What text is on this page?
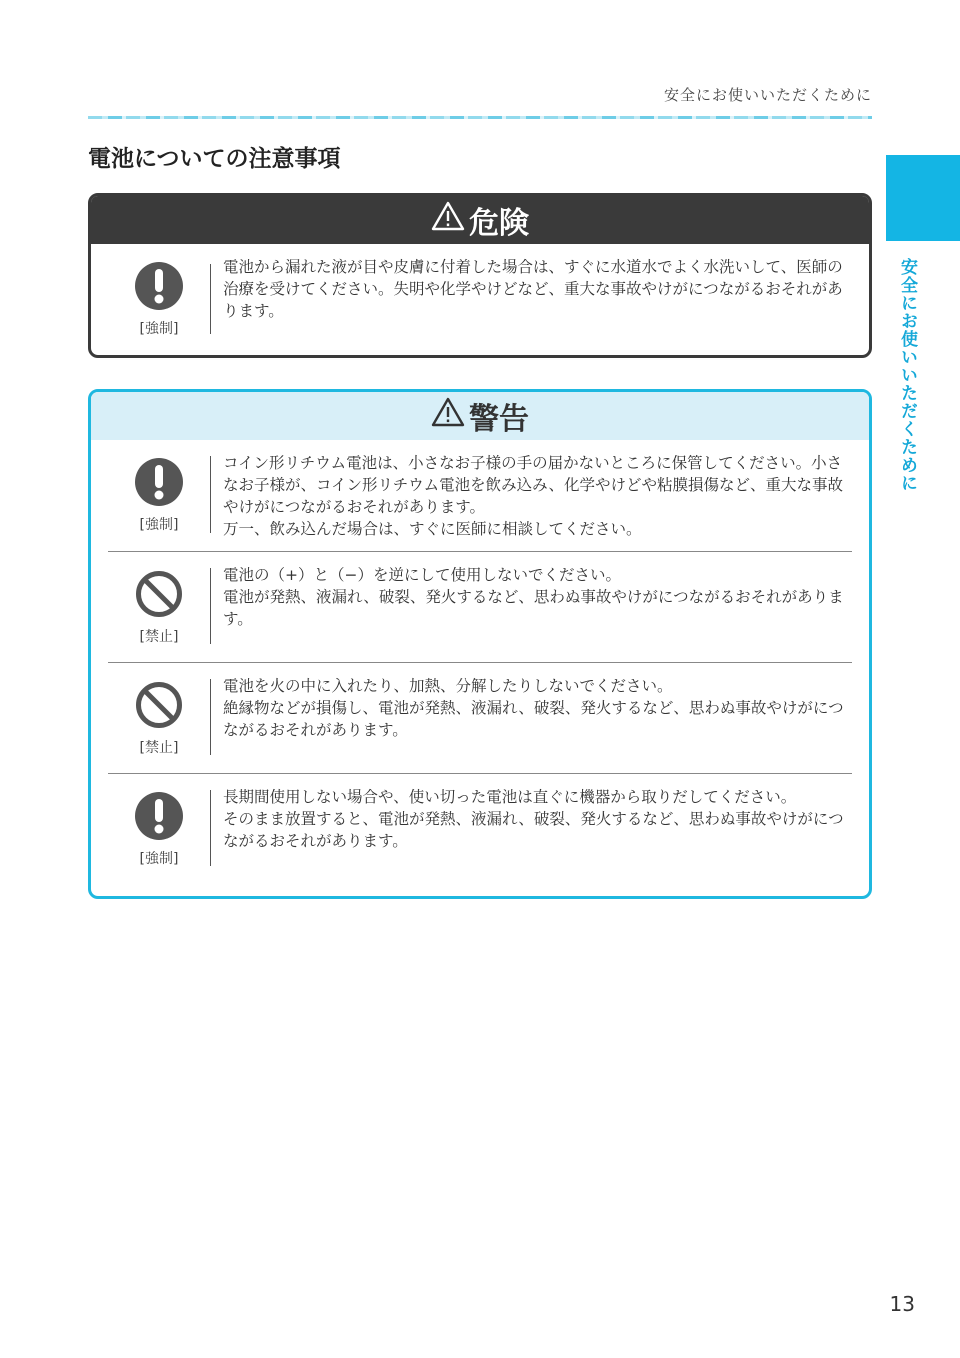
安全にお使いいただくために
電池についての注意事項
安全にお使いいただくために
危険
[強制]
電池から漏れた液が目や皮膚に付着した場合は、すぐに水道水でよく水洗いして、医師の治療を受けてください。失明や化学やけどなど、重大な事故やけがにつながるおそれがあります。
警告
[強制]
コイン形リチウム電池は、小さなお子様の手の届かないところに保管してください。小さなお子様が、コイン形リチウム電池を飲み込み、化学やけどや粘膜損傷など、重大な事故やけがにつながるおそれがあります。
万一、飲み込んだ場合は、すぐに医師に相談してください。
[禁止]
電池の（+）と（−）を逆にして使用しないでください。
電池が発熱、液漏れ、破裂、発火するなど、思わぬ事故やけがにつながるおそれがあります。
[禁止]
電池を火の中に入れたり、加熱、分解したりしないでください。
絶縁物などが損傷し、電池が発熱、液漏れ、破裂、発火するなど、思わぬ事故やけがにつながるおそれがあります。
[強制]
長期間使用しない場合や、使い切った電池は直ぐに機器から取りだしてください。
そのまま放置すると、電池が発熱、液漏れ、破裂、発火するなど、思わぬ事故やけがにつながるおそれがあります。
13
